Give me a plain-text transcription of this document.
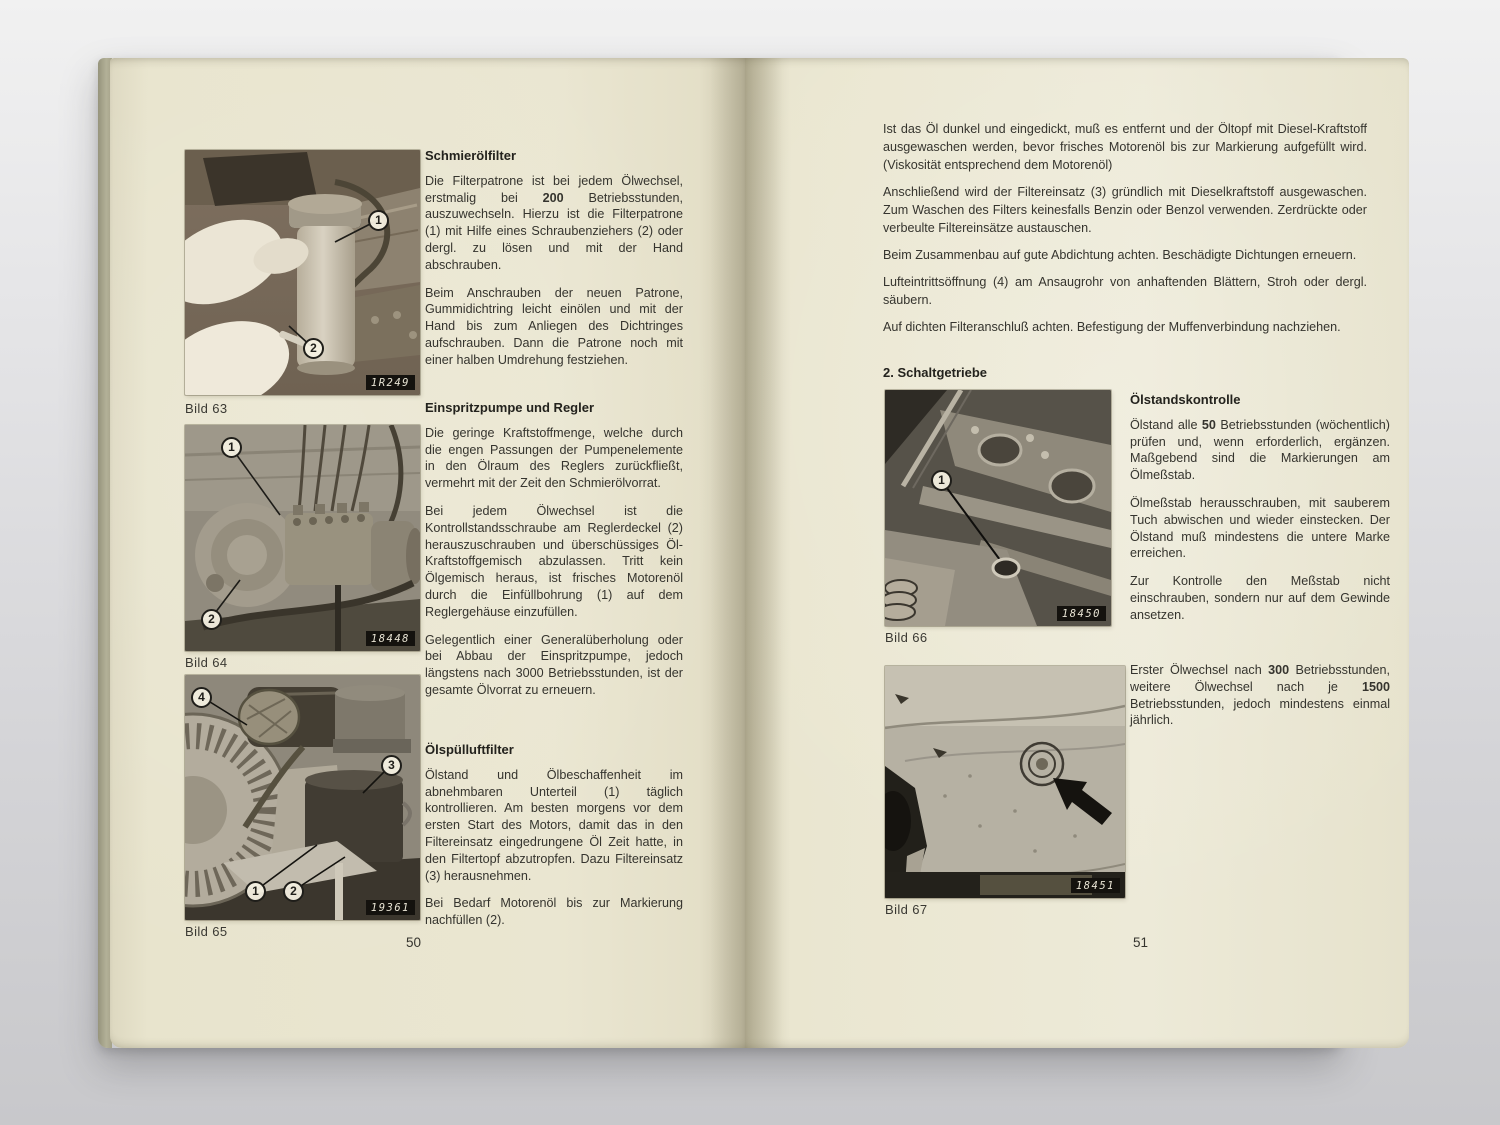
1
2
1R249
Bild 63
1
2
18448
Bild 64
4
3
1	2
19361
Bild 65
Schmierölfilter

Die Filterpatrone ist bei jedem Ölwechsel, erstmalig bei 200 Betriebsstunden, auszuwechseln. Hierzu ist die Filterpatrone (1) mit Hilfe eines Schraubenziehers (2) oder dergl. zu lösen und mit der Hand abschrauben.

Beim Anschrauben der neuen Patrone, Gummidichtring leicht einölen und mit der Hand bis zum Anliegen des Dichtringes aufschrauben. Dann die Patrone noch mit einer halben Umdrehung festziehen.

Einspritzpumpe und Regler

Die geringe Kraftstoffmenge, welche durch die engen Passungen der Pumpenelemente in den Ölraum des Reglers zurückfließt, vermehrt mit der Zeit den Schmierölvorrat.

Bei jedem Ölwechsel ist die Kontrollstandsschraube am Reglerdeckel (2) herauszuschrauben und überschüssiges Öl-Kraftstoffgemisch abzulassen. Tritt kein Ölgemisch heraus, ist frisches Motorenöl durch die Einfüllbohrung (1) auf dem Reglergehäuse einzufüllen.

Gelegentlich einer Generalüberholung oder bei Abbau der Einspritzpumpe, jedoch längstens nach 3000 Betriebsstunden, ist der gesamte Ölvorrat zu erneuern.

Ölspülluftfilter

Ölstand und Ölbeschaffenheit im abnehmbaren Unterteil (1) täglich kontrollieren. Am besten morgens vor dem ersten Start des Motors, damit das in den Filtereinsatz eingedrungene Öl Zeit hatte, in den Filtertopf abzutropfen. Dazu Filtereinsatz (3) herausnehmen.

Bei Bedarf Motorenöl bis zur Markierung nachfüllen (2).

50

Ist das Öl dunkel und eingedickt, muß es entfernt und der Öltopf mit Diesel-Kraftstoff ausgewaschen werden, bevor frisches Motorenöl bis zur Markierung aufgefüllt wird. (Viskosität entsprechend dem Motorenöl)

Anschließend wird der Filtereinsatz (3) gründlich mit Dieselkraftstoff ausgewaschen. Zum Waschen des Filters keinesfalls Benzin oder Benzol verwenden. Zerdrückte oder verbeulte Filtereinsätze austauschen.

Beim Zusammenbau auf gute Abdichtung achten. Beschädigte Dichtungen erneuern.

Lufteintrittsöffnung (4) am Ansaugrohr von anhaftenden Blättern, Stroh oder dergl. säubern.

Auf dichten Filteranschluß achten. Befestigung der Muffenverbindung nachziehen.

2. Schaltgetriebe
1
18450
Bild 66
18451
Bild 67
Ölstandskontrolle

Ölstand alle 50 Betriebsstunden (wöchentlich) prüfen und, wenn erforderlich, ergänzen. Maßgebend sind die Markierungen am Ölmeßstab.

Ölmeßstab herausschrauben, mit sauberem Tuch abwischen und wieder einstecken. Der Ölstand muß mindestens die untere Marke erreichen.

Zur Kontrolle den Meßstab nicht einschrauben, sondern nur auf dem Gewinde ansetzen.

Erster Ölwechsel nach 300 Betriebsstunden, weitere Ölwechsel nach je 1500 Betriebsstunden, jedoch mindestens einmal jährlich.

51
